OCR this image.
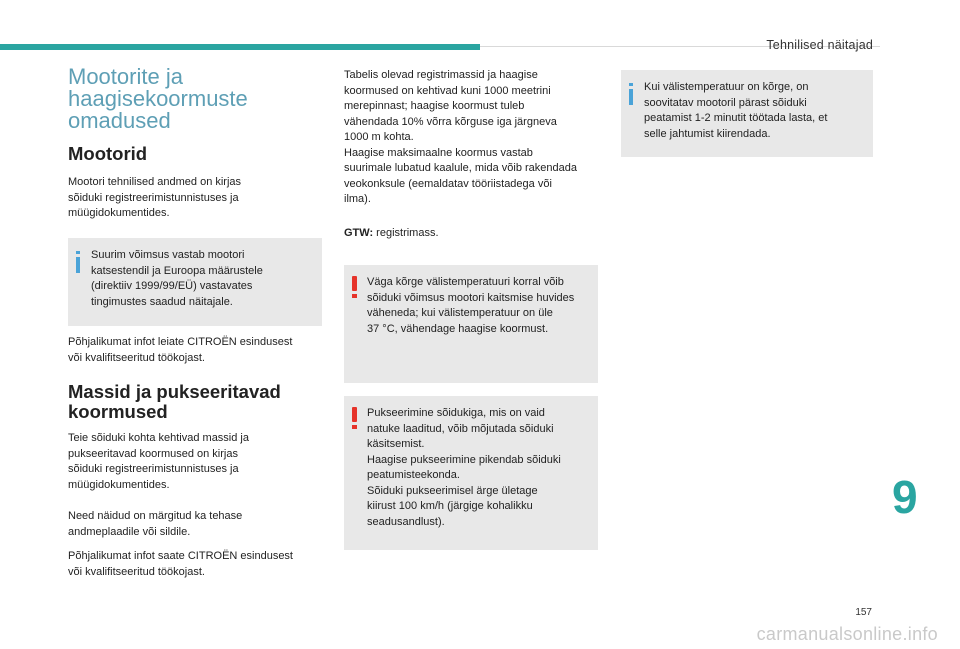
Tehnilised näitajad
Mootorite ja
haagisekoormuste
omadused
Mootorid

Mootori tehnilised andmed on kirjas
sõiduki registreerimistunnistuses ja
müügidokumentides.

Suurim võimsus vastab mootori
katsestendil ja Euroopa määrustele
(direktiiv 1999/99/EÜ) vastavates
tingimustes saadud näitajale.

Põhjalikumat infot leiate CITROËN esindusest
või kvalifitseeritud töökojast.

Massid ja pukseeritavad
koormused

Teie sõiduki kohta kehtivad massid ja
pukseeritavad koormused on kirjas
sõiduki registreerimistunnistuses ja
müügidokumentides.

Need näidud on märgitud ka tehase
andmeplaadile või sildile.

Põhjalikumat infot saate CITROËN esindusest
või kvalifitseeritud töökojast.

Tabelis olevad registrimassid ja haagise
koormused on kehtivad kuni 1000 meetrini
merepinnast; haagise koormust tuleb
vähendada 10% võrra kõrguse iga järgneva
1000 m kohta.
Haagise maksimaalne koormus vastab
suurimale lubatud kaalule, mida võib rakendada
veokonksule (eemaldatav tööriistadega või
ilma).

GTW: registrimass.

Väga kõrge välistemperatuuri korral võib
sõiduki võimsus mootori kaitsmise huvides
väheneda; kui välistemperatuur on üle
37 °C, vähendage haagise koormust.
Pukseerimine sõidukiga, mis on vaid
natuke laaditud, võib mõjutada sõiduki
käsitsemist.
Haagise pukseerimine pikendab sõiduki
peatumisteekonda.
Sõiduki pukseerimisel ärge ületage
kiirust 100 km/h (järgige kohalikku
seadusandlust).
Kui välistemperatuur on kõrge, on
soovitatav mootoril pärast sõiduki
peatamist 1-2 minutit töötada lasta, et
selle jahtumist kiirendada.
9
157
carmanualsonline.info
